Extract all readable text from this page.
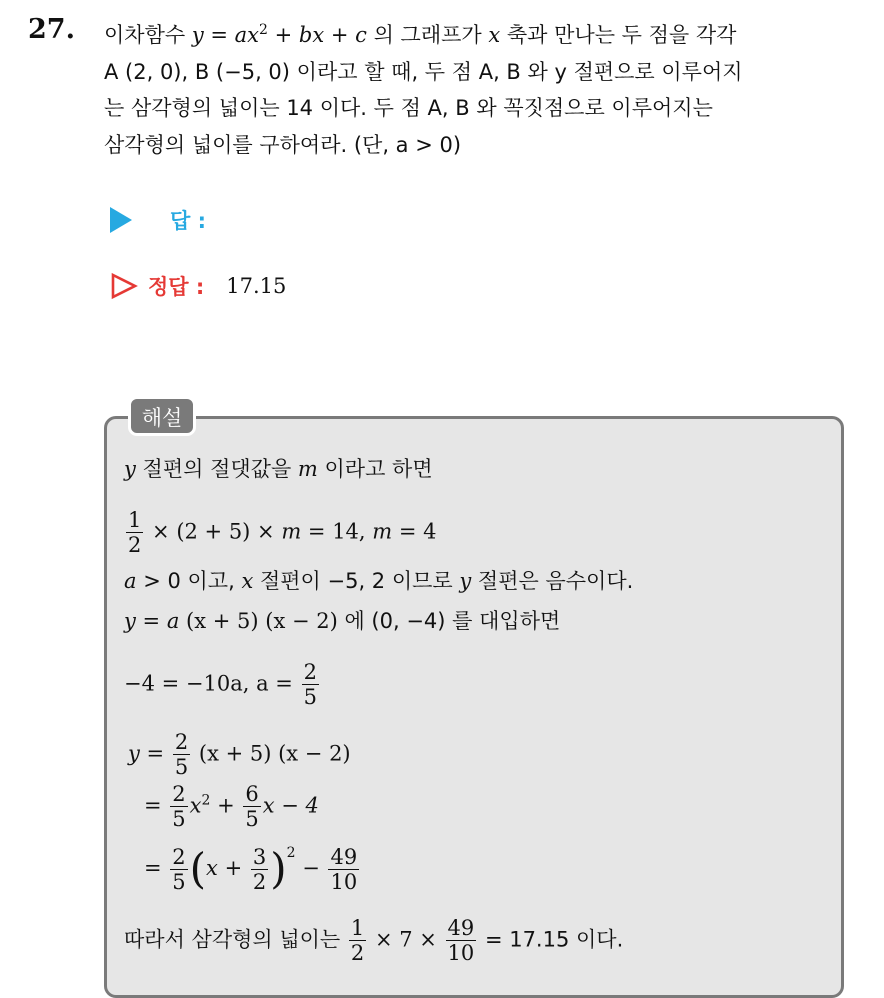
27. 이차함수 $y = ax^2$ + bx + c 의 그래프가 x 축과 만나는 두 점을 각각
A (2, 0), B (−5, 0) 이라고 할 때, 두 점 A, B 와 y 절편으로 이루어지
는 삼각형의 넓이는 14 이다. 두 점 A, B 와 꼭짓점으로 이루어지는
삼각형의 넓이를 구하여라. (단, a > 0)
답 :
정답 : 17.15
해설
y 절편의 절댓값을 m 이라고 하면
$\frac{1}{2} \times (2 + 5) \times m = 14$, m = 4
a > 0 이고, x 절편이 −5, 2 이므로 y 절편은 음수이다.
y = a (x + 5) (x − 2) 에 (0, −4) 를 대입하면
−4 = −10a, $a = \frac{2}{5}$
$y = \frac{2}{5} (x + 5) (x - 2)$
= $\frac{2}{5} x^2 + \frac{6}{5}$ x − 4
= $\frac{2}{5} (x + \frac{3}{2} )^2 - \frac{49}{10}$
따라서 삼각형의 넓이는 $\frac{1}{2} \times 7 \times \frac{49}{10} = 17.15$ 이다.
